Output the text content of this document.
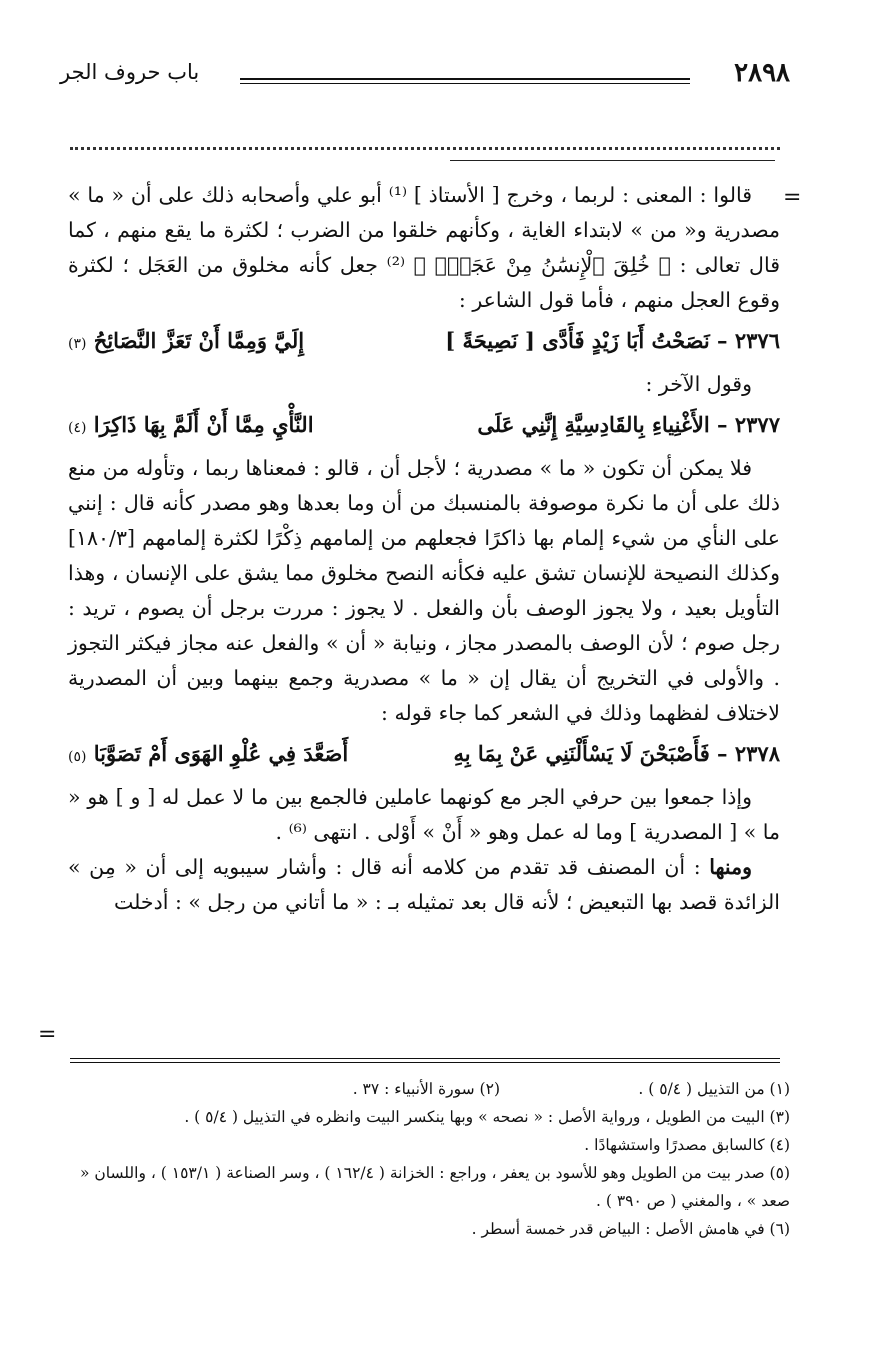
٢٨٩٨
باب حروف الجر
=

قالوا : المعنى : لربما ، وخرج [ الأستاذ ] ⁽¹⁾ أبو علي وأصحابه ذلك على أن « ما » مصدرية و« من » لابتداء الغاية ، وكأنهم خلقوا من الضرب ؛ لكثرة ما يقع منهم ، كما قال تعالى : ﴿ خُلِقَ ٱلْإِنسَٰنُ مِنْ عَجَلٍۚ ﴾ ⁽²⁾ جعل كأنه مخلوق من العَجَل ؛ لكثرة وقوع العجل منهم ، فأما قول الشاعر :

٢٣٧٦ – نَصَحْتُ أَبَا زَيْدٍ فَأَدَّى [ نَصِيحَةً ]
إِلَيَّ وَمِمَّا أَنْ تَعَزَّ النَّصَائِحُ (٣)

وقول الآخر :

٢٣٧٧ – الأَغْنِياءِ بِالقَادِسِيَّةِ إِنَّنِي عَلَى
النَّأْيِ مِمَّا أَنْ أَلَمَّ بِهَا ذَاكِرَا (٤)

فلا يمكن أن تكون « ما » مصدرية ؛ لأجل أن ، قالو : فمعناها ربما ، وتأوله من منع ذلك على أن ما نكرة موصوفة بالمنسبك من أن وما بعدها وهو مصدر كأنه قال : إنني على النأي من شيء إلمام بها ذاكرًا فجعلهم من إلمامهم ذِكْرًا لكثرة إلمامهم [١٨٠/٣] وكذلك النصيحة للإنسان تشق عليه فكأنه النصح مخلوق مما يشق على الإنسان ، وهذا التأويل بعيد ، ولا يجوز الوصف بأن والفعل . لا يجوز : مررت برجل أن يصوم ، تريد : رجل صوم ؛ لأن الوصف بالمصدر مجاز ، ونيابة « أن » والفعل عنه مجاز فيكثر التجوز . والأولى في التخريج أن يقال إن « ما » مصدرية وجمع بينهما وبين أن المصدرية لاختلاف لفظهما وذلك في الشعر كما جاء قوله :

٢٣٧٨ – فَأَصْبَحْنَ لَا يَسْأَلْنَنِي عَنْ بِمَا بِهِ
أَصَعَّدَ فِي عُلْوِ الهَوَى أَمْ تَصَوَّبَا (٥)

وإذا جمعوا بين حرفي الجر مع كونهما عاملين فالجمع بين ما لا عمل له [ و ] هو « ما » [ المصدرية ] وما له عمل وهو « أَنْ » أَوْلى . انتهى ⁽⁶⁾ .

ومنها : أن المصنف قد تقدم من كلامه أنه قال : وأشار سيبويه إلى أن « مِن » الزائدة قصد بها التبعيض ؛ لأنه قال بعد تمثيله بـ : « ما أتاني من رجل » : أدخلت

=

(١) من التذييل ( ٥/٤ ) .
(٢) سورة الأنبياء : ٣٧ .

(٣) البيت من الطويل ، ورواية الأصل : « نصحه » وبها ينكسر البيت وانظره في التذييل ( ٥/٤ ) .

(٤) كالسابق مصدرًا واستشهادًا .

(٥) صدر بيت من الطويل وهو للأسود بن يعفر ، وراجع : الخزانة ( ١٦٢/٤ ) ، وسر الصناعة ( ١٥٣/١ ) ، واللسان « صعد » ، والمغني ( ص ٣٩٠ ) .

(٦) في هامش الأصل : البياض قدر خمسة أسطر .
